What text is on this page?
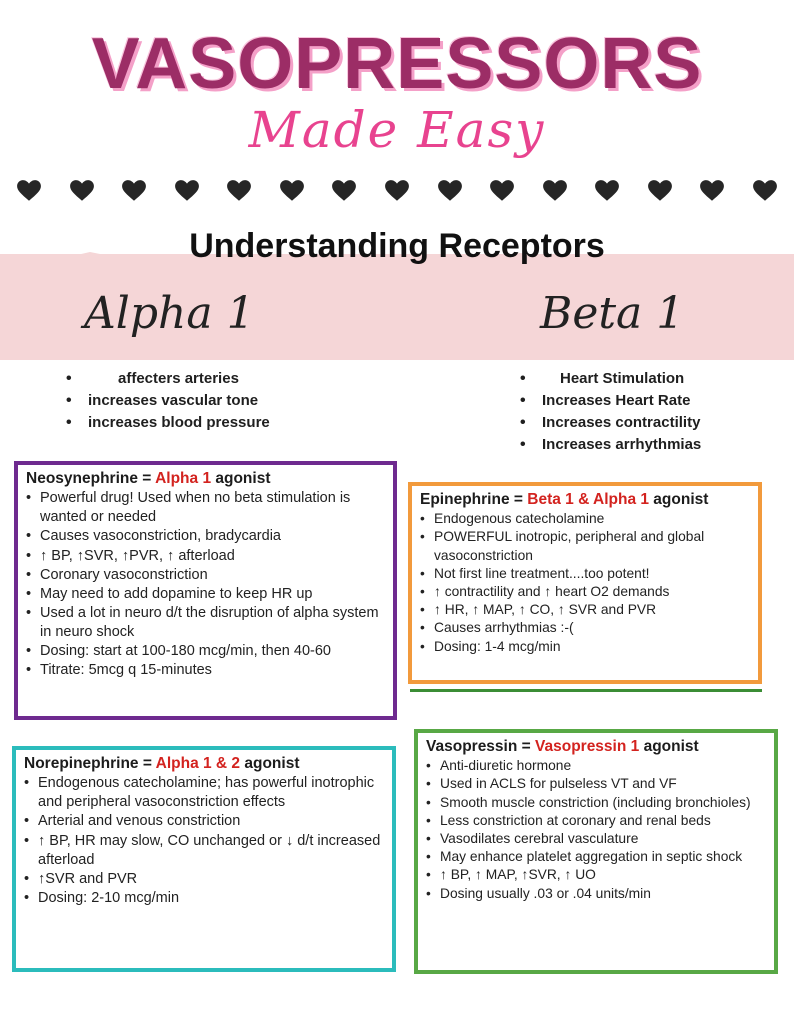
VASOPRESSORS
Made Easy
Understanding Receptors
Alpha 1	Beta 1
• affecters arteries
• increases vascular tone
• increases blood pressure
• Heart Stimulation
• Increases Heart Rate
• Increases contractility
• Increases arrhythmias
Neosynephrine = Alpha 1 agonist
• Powerful drug! Used when no beta stimulation is wanted or needed
• Causes vasoconstriction, bradycardia
• ↑ BP, ↑SVR, ↑PVR, ↑ afterload
• Coronary vasoconstriction
• May need to add dopamine to keep HR up
• Used a lot in neuro d/t the disruption of alpha system in neuro shock
• Dosing: start at 100-180 mcg/min, then 40-60
• Titrate: 5mcg q 15-minutes
Epinephrine = Beta 1 & Alpha 1 agonist
• Endogenous catecholamine
• POWERFUL inotropic, peripheral and global vasoconstriction
• Not first line treatment....too potent!
• ↑ contractility and ↑ heart O2 demands
• ↑ HR, ↑ MAP, ↑ CO, ↑ SVR and PVR
• Causes arrhythmias :-(
• Dosing: 1-4 mcg/min
Norepinephrine = Alpha 1 & 2 agonist
• Endogenous catecholamine; has powerful inotrophic and peripheral vasoconstriction effects
• Arterial and venous constriction
• ↑ BP, HR may slow, CO unchanged or ↓ d/t increased afterload
• ↑SVR and PVR
• Dosing: 2-10 mcg/min
Vasopressin = Vasopressin 1 agonist
• Anti-diuretic hormone
• Used in ACLS for pulseless VT and VF
• Smooth muscle constriction (including bronchioles)
• Less constriction at coronary and renal beds
• Vasodilates cerebral vasculature
• May enhance platelet aggregation in septic shock
• ↑ BP, ↑ MAP, ↑SVR, ↑ UO
• Dosing usually .03 or .04 units/min
